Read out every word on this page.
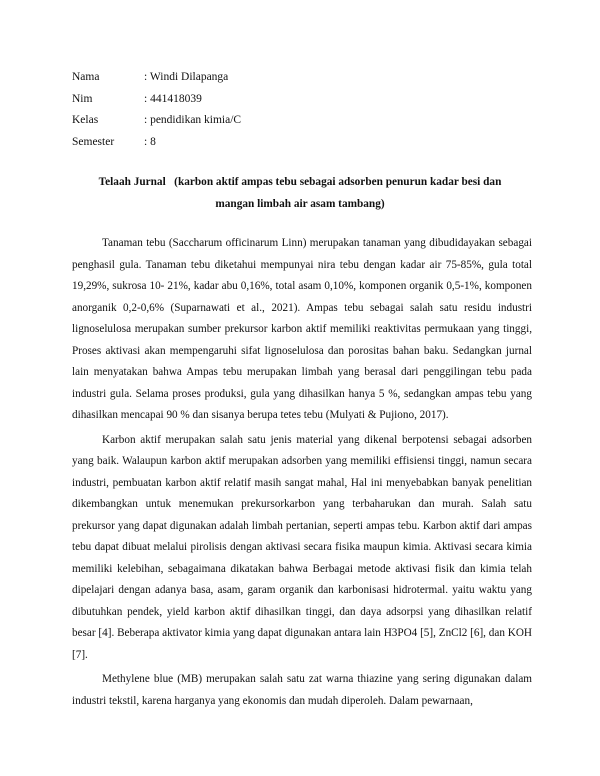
Nama	: Windi Dilapanga
Nim	: 441418039
Kelas	: pendidikan kimia/C
Semester	: 8
Telaah Jurnal   (karbon aktif ampas tebu sebagai adsorben penurun kadar besi dan
mangan limbah air asam tambang)

Tanaman tebu (Saccharum officinarum Linn) merupakan tanaman yang dibudidayakan sebagai penghasil gula. Tanaman tebu diketahui mempunyai nira tebu dengan kadar air 75-85%, gula total 19,29%, sukrosa 10- 21%, kadar abu 0,16%, total asam 0,10%, komponen organik 0,5-1%, komponen anorganik 0,2-0,6% (Suparnawati et al., 2021). Ampas tebu sebagai salah satu residu industri lignoselulosa merupakan sumber prekursor karbon aktif memiliki reaktivitas permukaan yang tinggi, Proses aktivasi akan mempengaruhi sifat lignoselulosa dan porositas bahan baku. Sedangkan jurnal lain menyatakan bahwa Ampas tebu merupakan limbah yang berasal dari penggilingan tebu pada industri gula. Selama proses produksi, gula yang dihasilkan hanya 5 %, sedangkan ampas tebu yang dihasilkan mencapai 90 % dan sisanya berupa tetes tebu (Mulyati & Pujiono, 2017).

Karbon aktif merupakan salah satu jenis material yang dikenal berpotensi sebagai adsorben yang baik. Walaupun karbon aktif merupakan adsorben yang memiliki effisiensi tinggi, namun secara industri, pembuatan karbon aktif relatif masih sangat mahal, Hal ini menyebabkan banyak penelitian dikembangkan untuk menemukan prekursorkarbon yang terbaharukan dan murah. Salah satu prekursor yang dapat digunakan adalah limbah pertanian, seperti ampas tebu. Karbon aktif dari ampas tebu dapat dibuat melalui pirolisis dengan aktivasi secara fisika maupun kimia. Aktivasi secara kimia memiliki kelebihan, sebagaimana dikatakan bahwa Berbagai metode aktivasi fisik dan kimia telah dipelajari dengan adanya basa, asam, garam organik dan karbonisasi hidrotermal. yaitu waktu yang dibutuhkan pendek, yield karbon aktif dihasilkan tinggi, dan daya adsorpsi yang dihasilkan relatif besar [4]. Beberapa aktivator kimia yang dapat digunakan antara lain H3PO4 [5], ZnCl2 [6], dan KOH [7].

Methylene blue (MB) merupakan salah satu zat warna thiazine yang sering digunakan dalam industri tekstil, karena harganya yang ekonomis dan mudah diperoleh. Dalam pewarnaan,
